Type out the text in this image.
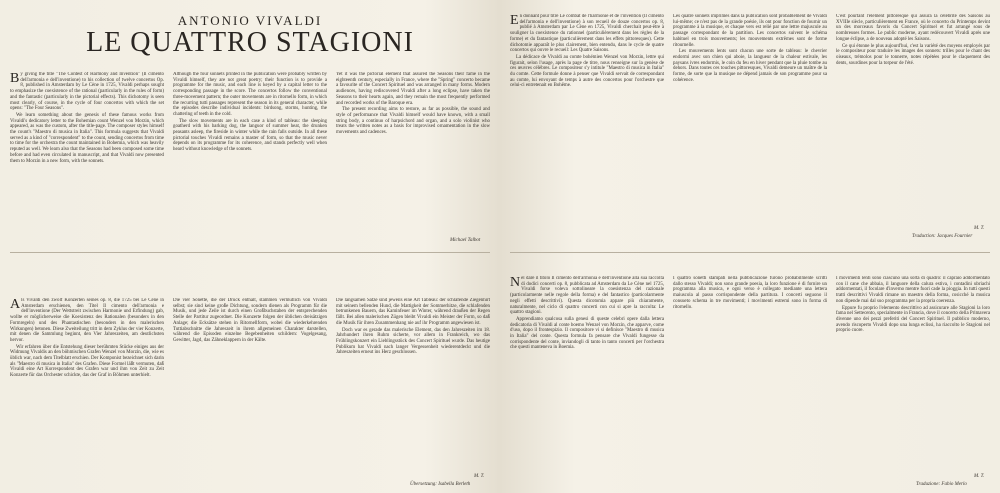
ANTONIO VIVALDI
LE QUATTRO STAGIONI

By giving the title "The Contest of Harmony and Invention" (Il cimento dell'armonia e dell'inventione) to his collection of twelve concertos Op. 8, published in Amsterdam by Le Cène in 1725, Vivaldi perhaps sought to emphasize the coexistence of the rational (particularly in the rules of form) and the fantastic (particularly in the pictorial effects). This dichotomy is seen most clearly, of course, in the cycle of four concertos with which the set opens: "The Four Seasons".

We learn something about the genesis of these famous works from Vivaldi's dedicatory letter to the Bohemian count Wenzel von Morzin, which appeared, as was the custom, after the title-page. The composer styles himself the count's "Maestro di musica in Italia". This formula suggests that Vivaldi served as a kind of "correspondent" to the count, sending concertos from time to time for the orchestra the count maintained in Bohemia, which was heavily reputed as well. We learn also that the Seasons had been composed some time before and had even circulated in manuscript, and that Vivaldi now presented them to Morzin in a new form, with the sonnets.

Although the four sonnets printed in the publication were probably written by Vivaldi himself, they are not great poetry; their function is to provide a programme for the music, and each line is keyed by a capital letter to the corresponding passage in the score. The concertos follow the conventional three-movement pattern; the outer movements are in ritornello form, in which the recurring tutti passages represent the season in its general character, while the episodes describe individual incidents: birdsong, storms, hunting, the chattering of teeth in the cold.

The slow movements are in each case a kind of tableau: the sleeping goatherd with his barking dog, the languor of summer heat, the drunken peasants asleep, the fireside in winter while the rain falls outside. In all these pictorial touches Vivaldi remains a master of form, so that the music never depends on its programme for its coherence, and stands perfectly well when heard without knowledge of the sonnets.

Yet it was the pictorial element that assured the Seasons their fame in the eighteenth century, especially in France, where the "Spring" concerto became a favourite of the Concert Spirituel and was arranged in many forms. Modern audiences, having rediscovered Vivaldi after a long eclipse, have taken the Seasons to their hearts again, and they remain the most frequently performed and recorded works of the Baroque era.

The present recording aims to restore, as far as possible, the sound and style of performance that Vivaldi himself would have known, with a small string body, a continuo of harpsichord and organ, and a solo violinist who treats the written notes as a basis for improvised ornamentation in the slow movements and cadences.

Michael Talbot

Als Vivaldi den zwölf Konzerten seines op. 8, die 1725 bei Le Cène in Amsterdam erschienen, den Titel Il cimento dell'armonia e dell'inventione (Der Wettstreit zwischen Harmonie und Erfindung) gab, wollte er möglicherweise die Koexistenz des Rationalen (besonders in den Formregeln) und des Phantastischen (besonders in den malerischen Wirkungen) betonen. Diese Zweiteilung tritt in dem Zyklus der vier Konzerte, mit denen die Sammlung beginnt, den Vier Jahreszeiten, am deutlichsten hervor.

Wir erfahren über die Entstehung dieser berühmten Stücke einiges aus der Widmung Vivaldis an den böhmischen Grafen Wenzel von Morzin, die, wie es üblich war, nach dem Titelblatt erschien. Der Komponist bezeichnet sich darin als "Maestro di musica in Italia" des Grafen. Diese Formel läßt vermuten, daß Vivaldi eine Art Korrespondent des Grafen war und ihm von Zeit zu Zeit Konzerte für das Orchester schickte, das der Graf in Böhmen unterhielt.

Die vier Sonette, die der Druck enthält, stammen vermutlich von Vivaldi selbst; sie sind keine große Dichtung, sondern dienen als Programm für die Musik, und jede Zeile ist durch einen Großbuchstaben der entsprechenden Stelle der Partitur zugeordnet. Die Konzerte folgen der üblichen dreisätzigen Anlage; die Ecksätze stehen in Ritornellform, wobei die wiederkehrenden Tuttiabschnitte die Jahreszeit in ihrem allgemeinen Charakter darstellen, während die Episoden einzelne Begebenheiten schildern: Vogelgesang, Gewitter, Jagd, das Zähneklappern in der Kälte.

Die langsamen Sätze sind jeweils eine Art Tableau: der schlafende Ziegenhirt mit seinem bellenden Hund, die Mattigkeit der Sommerhitze, die schlafenden betrunkenen Bauern, das Kaminfeuer im Winter, während draußen der Regen fällt. Bei allen malerischen Zügen bleibt Vivaldi ein Meister der Form, so daß die Musik für ihren Zusammenhang nie auf ihr Programm angewiesen ist.

Doch war es gerade das malerische Element, das den Jahreszeiten im 18. Jahrhundert ihren Ruhm sicherte, vor allem in Frankreich, wo das Frühlingskonzert ein Lieblingsstück des Concert Spirituel wurde. Das heutige Publikum hat Vivaldi nach langer Vergessenheit wiederentdeckt und die Jahreszeiten erneut ins Herz geschlossen.

M. T.
Übersetzung: Isabella Berleth

En donnant pour titre Le combat de l'harmonie et de l'invention (Il cimento dell'armonia e dell'inventione) à son recueil de douze concertos op. 8, publié à Amsterdam par Le Cène en 1725, Vivaldi cherchait peut-être à souligner la coexistence du rationnel (particulièrement dans les règles de la forme) et du fantastique (particulièrement dans les effets pittoresques). Cette dichotomie apparaît le plus clairement, bien entendu, dans le cycle de quatre concertos qui ouvre le recueil: Les Quatre Saisons.

La dédicace de Vivaldi au comte bohémien Wenzel von Morzin, lettre qui figurait, selon l'usage, après la page de titre, nous renseigne sur la genèse de ces œuvres célèbres. Le compositeur s'y intitule "Maestro di musica in Italia" du comte. Cette formule donne à penser que Vivaldi servait de correspondant au comte, lui envoyant de temps à autre des concertos pour l'orchestre que celui-ci entretenait en Bohême.

Les quatre sonnets imprimés dans la publication sont probablement de Vivaldi lui-même; ce n'est pas de la grande poésie, ils ont pour fonction de fournir un programme à la musique, et chaque vers est relié par une lettre majuscule au passage correspondant de la partition. Les concertos suivent le schéma habituel en trois mouvements; les mouvements extrêmes sont de forme ritournelle.

Les mouvements lents sont chacun une sorte de tableau: le chevrier endormi avec son chien qui aboie, la langueur de la chaleur estivale, les paysans ivres endormis, le coin du feu en hiver pendant que la pluie tombe au dehors. Dans toutes ces touches pittoresques, Vivaldi demeure un maître de la forme, de sorte que la musique ne dépend jamais de son programme pour sa cohérence.

C'est pourtant l'élément pittoresque qui assura la célébrité des Saisons au XVIIIe siècle, particulièrement en France, où le concerto du Printemps devint un des morceaux favoris du Concert Spirituel et fut arrangé sous de nombreuses formes. Le public moderne, ayant redécouvert Vivaldi après une longue éclipse, a de nouveau adopté les Saisons.

Ce qui étonne le plus aujourd'hui, c'est la variété des moyens employés par le compositeur pour traduire les images des sonnets: trilles pour le chant des oiseaux, trémolos pour le tonnerre, notes répétées pour le claquement des dents, sourdines pour la torpeur de l'été.

M. T.
Traduction: Jacques Fournier

Nel dare il titolo Il cimento dell'armonia e dell'inventione alla sua raccolta di dodici concerti op. 8, pubblicata ad Amsterdam da Le Cène nel 1725, Vivaldi forse voleva sottolineare la coesistenza del razionale (particolarmente nelle regole della forma) e del fantastico (particolarmente negli effetti descrittivi). Questa dicotomia appare più chiaramente, naturalmente, nel ciclo di quattro concerti con cui si apre la raccolta: Le quattro stagioni.

Apprendiamo qualcosa sulla genesi di queste celebri opere dalla lettera dedicatoria di Vivaldi al conte boemo Wenzel von Morzin, che apparve, come d'uso, dopo il frontespizio. Il compositore vi si definisce "Maestro di musica in Italia" del conte. Questa formula fa pensare che Vivaldi fungesse da corrispondente del conte, inviandogli di tanto in tanto concerti per l'orchestra che questi manteneva in Boemia.

I quattro sonetti stampati nella pubblicazione furono probabilmente scritti dallo stesso Vivaldi; non sono grande poesia, la loro funzione è di fornire un programma alla musica, e ogni verso è collegato mediante una lettera maiuscola al passo corrispondente della partitura. I concerti seguono il consueto schema in tre movimenti; i movimenti estremi sono in forma di ritornello.

I movimenti lenti sono ciascuno una sorta di quadro: il capraio addormentato con il cane che abbaia, il languore della calura estiva, i contadini ubriachi addormentati, il focolare d'inverno mentre fuori cade la pioggia. In tutti questi tratti descrittivi Vivaldi rimane un maestro della forma, cosicché la musica non dipende mai dal suo programma per la propria coerenza.

Eppure fu proprio l'elemento descrittivo ad assicurare alle Stagioni la loro fama nel Settecento, specialmente in Francia, dove il concerto della Primavera divenne uno dei pezzi preferiti del Concert Spirituel. Il pubblico moderno, avendo riscoperto Vivaldi dopo una lunga eclissi, ha riaccolto le Stagioni nel proprio cuore.

M. T.
Traduzione: Fabio Merlo
